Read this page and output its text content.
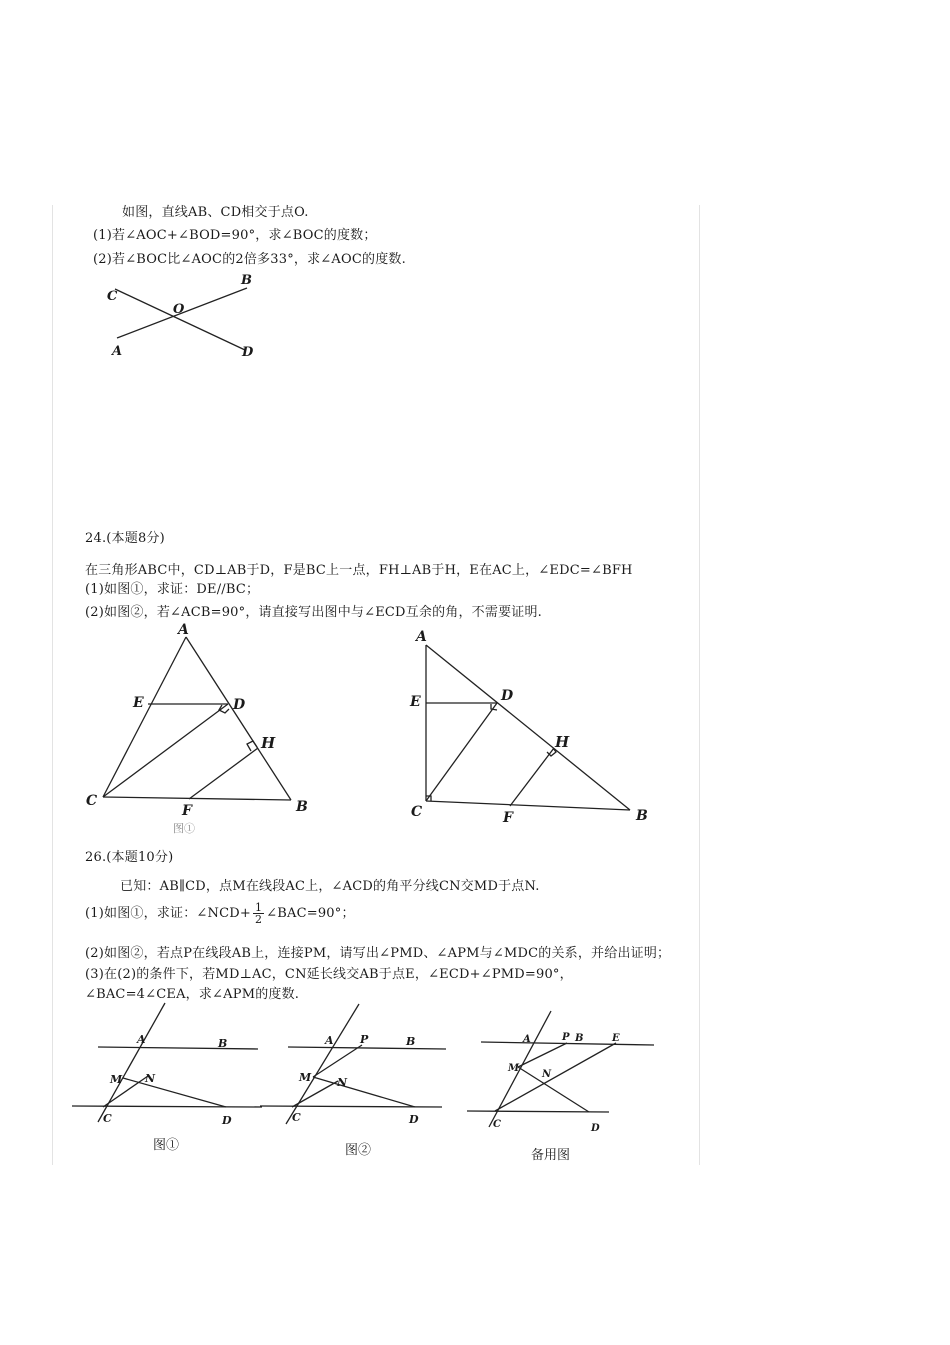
如图，直线AB、CD相交于点O.
(1)若∠AOC+∠BOD=90°，求∠BOC的度数；
(2)若∠BOC比∠AOC的2倍多33°，求∠AOC的度数.
C
B
O
A	D
24.(本题8分)
在三角形ABC中，CD⊥AB于D，F是BC上一点，FH⊥AB于H，E在AC上，∠EDC=∠BFH
(1)如图①，求证：DE//BC；
(2)如图②，若∠ACB=90°，请直接写出图中与∠ECD互余的角，不需要证明.
A
E	D
H
C
F	B
图①
A
E	D
H
C	F	B
26.(本题10分)
已知：AB∥CD，点M在线段AC上，∠ACD的角平分线CN交MD于点N.
(1)如图①，求证：∠NCD+ $\frac{1}{2}$ ∠BAC=90°；
(2)如图②，若点P在线段AB上，连接PM，请写出∠PMD、∠APM与∠MDC的关系，并给出证明；
(3)在(2)的条件下，若MD⊥AC，CN延长线交AB于点E，∠ECD+∠PMD=90°，
∠BAC=4∠CEA，求∠APM的度数.
A	B
M N
C	D
图①
A P	B
M N
C	D
图②
A	P B	E
M
N
C	D
备用图
